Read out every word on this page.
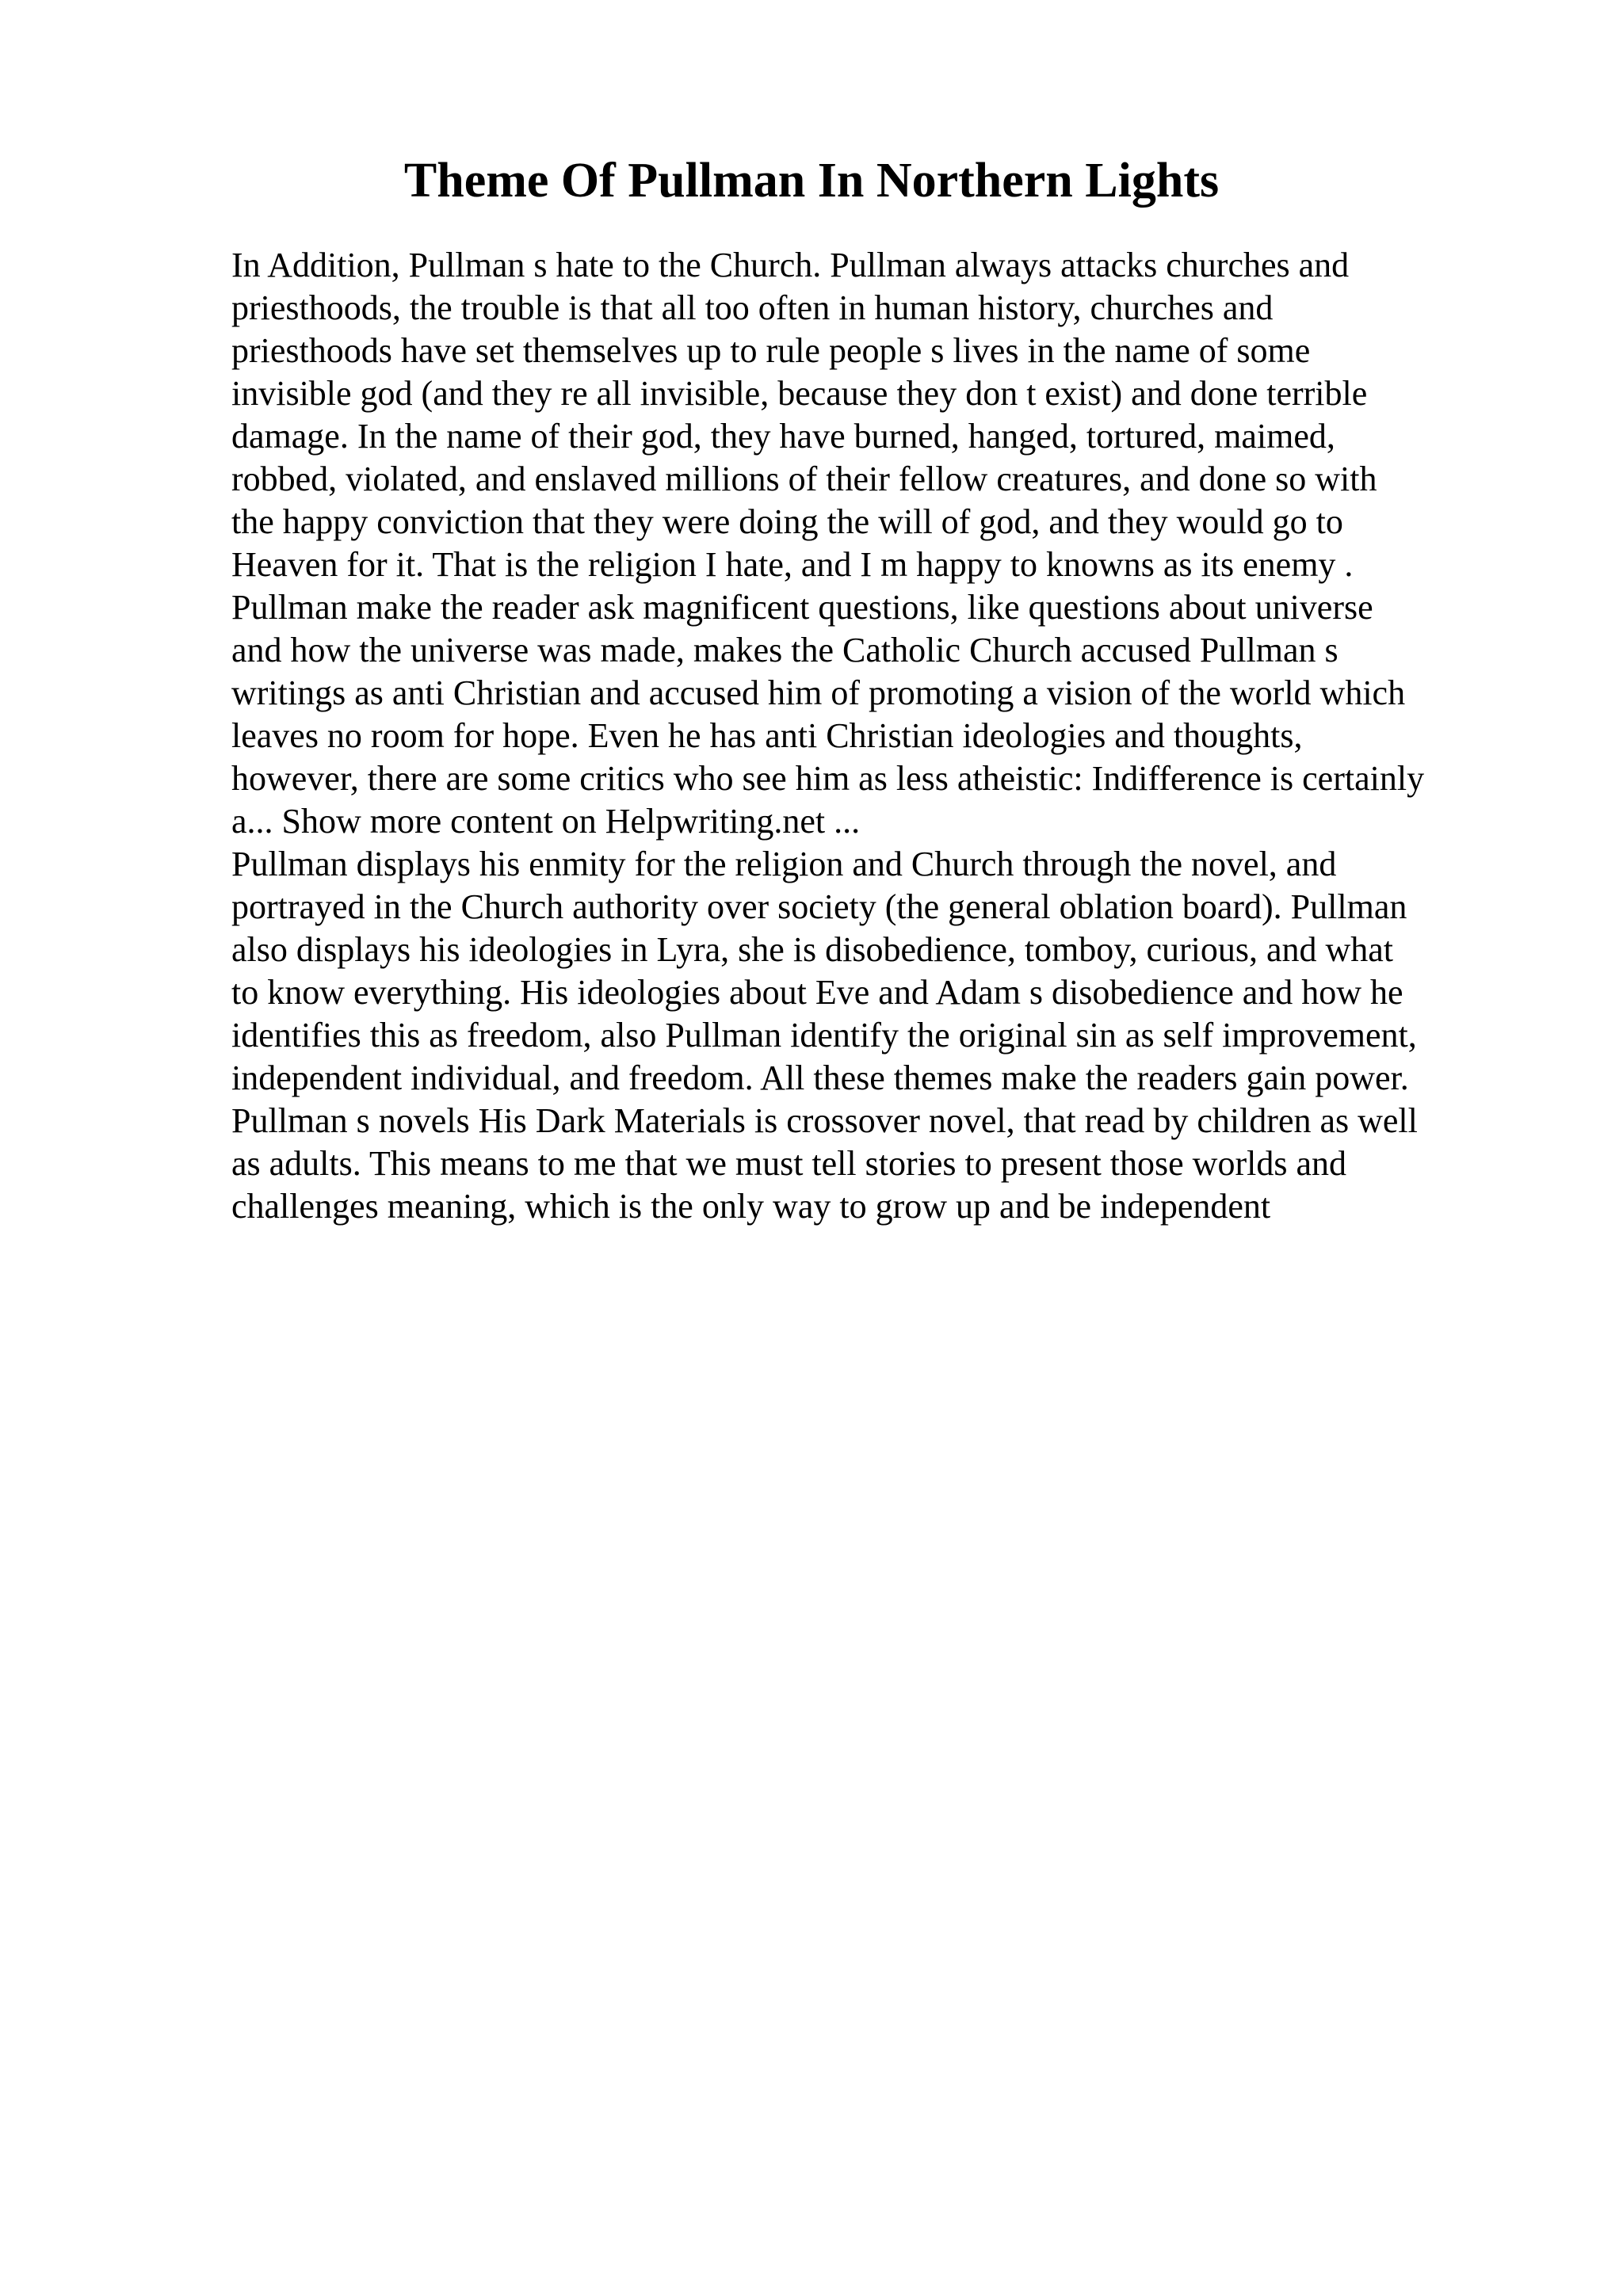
Theme Of Pullman In Northern Lights
In Addition, Pullman s hate to the Church. Pullman always attacks churches and
priesthoods, the trouble is that all too often in human history, churches and
priesthoods have set themselves up to rule people s lives in the name of some
invisible god (and they re all invisible, because they don t exist) and done terrible
damage. In the name of their god, they have burned, hanged, tortured, maimed,
robbed, violated, and enslaved millions of their fellow creatures, and done so with
the happy conviction that they were doing the will of god, and they would go to
Heaven for it. That is the religion I hate, and I m happy to knowns as its enemy .
Pullman make the reader ask magnificent questions, like questions about universe
and how the universe was made, makes the Catholic Church accused Pullman s
writings as anti Christian and accused him of promoting a vision of the world which
leaves no room for hope. Even he has anti Christian ideologies and thoughts,
however, there are some critics who see him as less atheistic: Indifference is certainly
a... Show more content on Helpwriting.net ...
Pullman displays his enmity for the religion and Church through the novel, and
portrayed in the Church authority over society (the general oblation board). Pullman
also displays his ideologies in Lyra, she is disobedience, tomboy, curious, and what
to know everything. His ideologies about Eve and Adam s disobedience and how he
identifies this as freedom, also Pullman identify the original sin as self improvement,
independent individual, and freedom. All these themes make the readers gain power.
Pullman s novels His Dark Materials is crossover novel, that read by children as well
as adults. This means to me that we must tell stories to present those worlds and
challenges meaning, which is the only way to grow up and be independent
